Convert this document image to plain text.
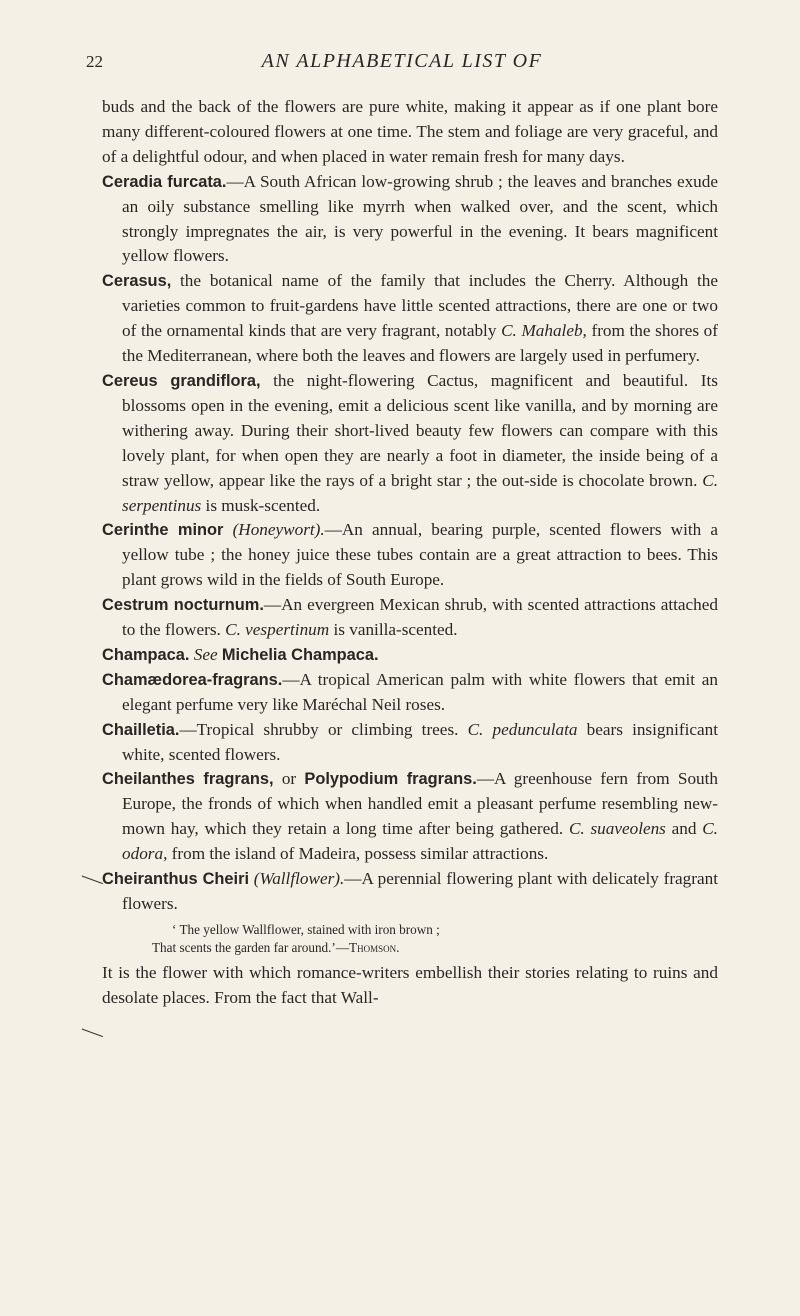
22	AN ALPHABETICAL LIST OF
—
—

buds and the back of the flowers are pure white, making it appear as if one plant bore many different-coloured flowers at one time. The stem and foliage are very graceful, and of a delightful odour, and when placed in water remain fresh for many days.

Ceradia furcata.—A South African low-growing shrub ; the leaves and branches exude an oily substance smelling like myrrh when walked over, and the scent, which strongly impregnates the air, is very powerful in the evening. It bears magnificent yellow flowers.

Cerasus, the botanical name of the family that includes the Cherry. Although the varieties common to fruit-gardens have little scented attractions, there are one or two of the ornamental kinds that are very fragrant, notably C. Mahaleb, from the shores of the Mediterranean, where both the leaves and flowers are largely used in perfumery.

Cereus grandiflora, the night-flowering Cactus, magnificent and beautiful. Its blossoms open in the evening, emit a delicious scent like vanilla, and by morning are withering away. During their short-lived beauty few flowers can compare with this lovely plant, for when open they are nearly a foot in diameter, the inside being of a straw yellow, appear like the rays of a bright star ; the out-side is chocolate brown. C. serpentinus is musk-scented.

Cerinthe minor (Honeywort).—An annual, bearing purple, scented flowers with a yellow tube ; the honey juice these tubes contain are a great attraction to bees. This plant grows wild in the fields of South Europe.

Cestrum nocturnum.—An evergreen Mexican shrub, with scented attractions attached to the flowers. C. vespertinum is vanilla-scented.

Champaca. See Michelia Champaca.

Chamædorea-fragrans.—A tropical American palm with white flowers that emit an elegant perfume very like Maréchal Neil roses.

Chailletia.—Tropical shrubby or climbing trees. C. pedunculata bears insignificant white, scented flowers.

Cheilanthes fragrans, or Polypodium fragrans.—A greenhouse fern from South Europe, the fronds of which when handled emit a pleasant perfume resembling new-mown hay, which they retain a long time after being gathered. C. suaveolens and C. odora, from the island of Madeira, possess similar attractions.

Cheiranthus Cheiri (Wallflower).—A perennial flowering plant with delicately fragrant flowers.

‘ The yellow Wallflower, stained with iron brown ;
That scents the garden far around.’—Thomson.

It is the flower with which romance-writers embellish their stories relating to ruins and desolate places. From the fact that Wall-
